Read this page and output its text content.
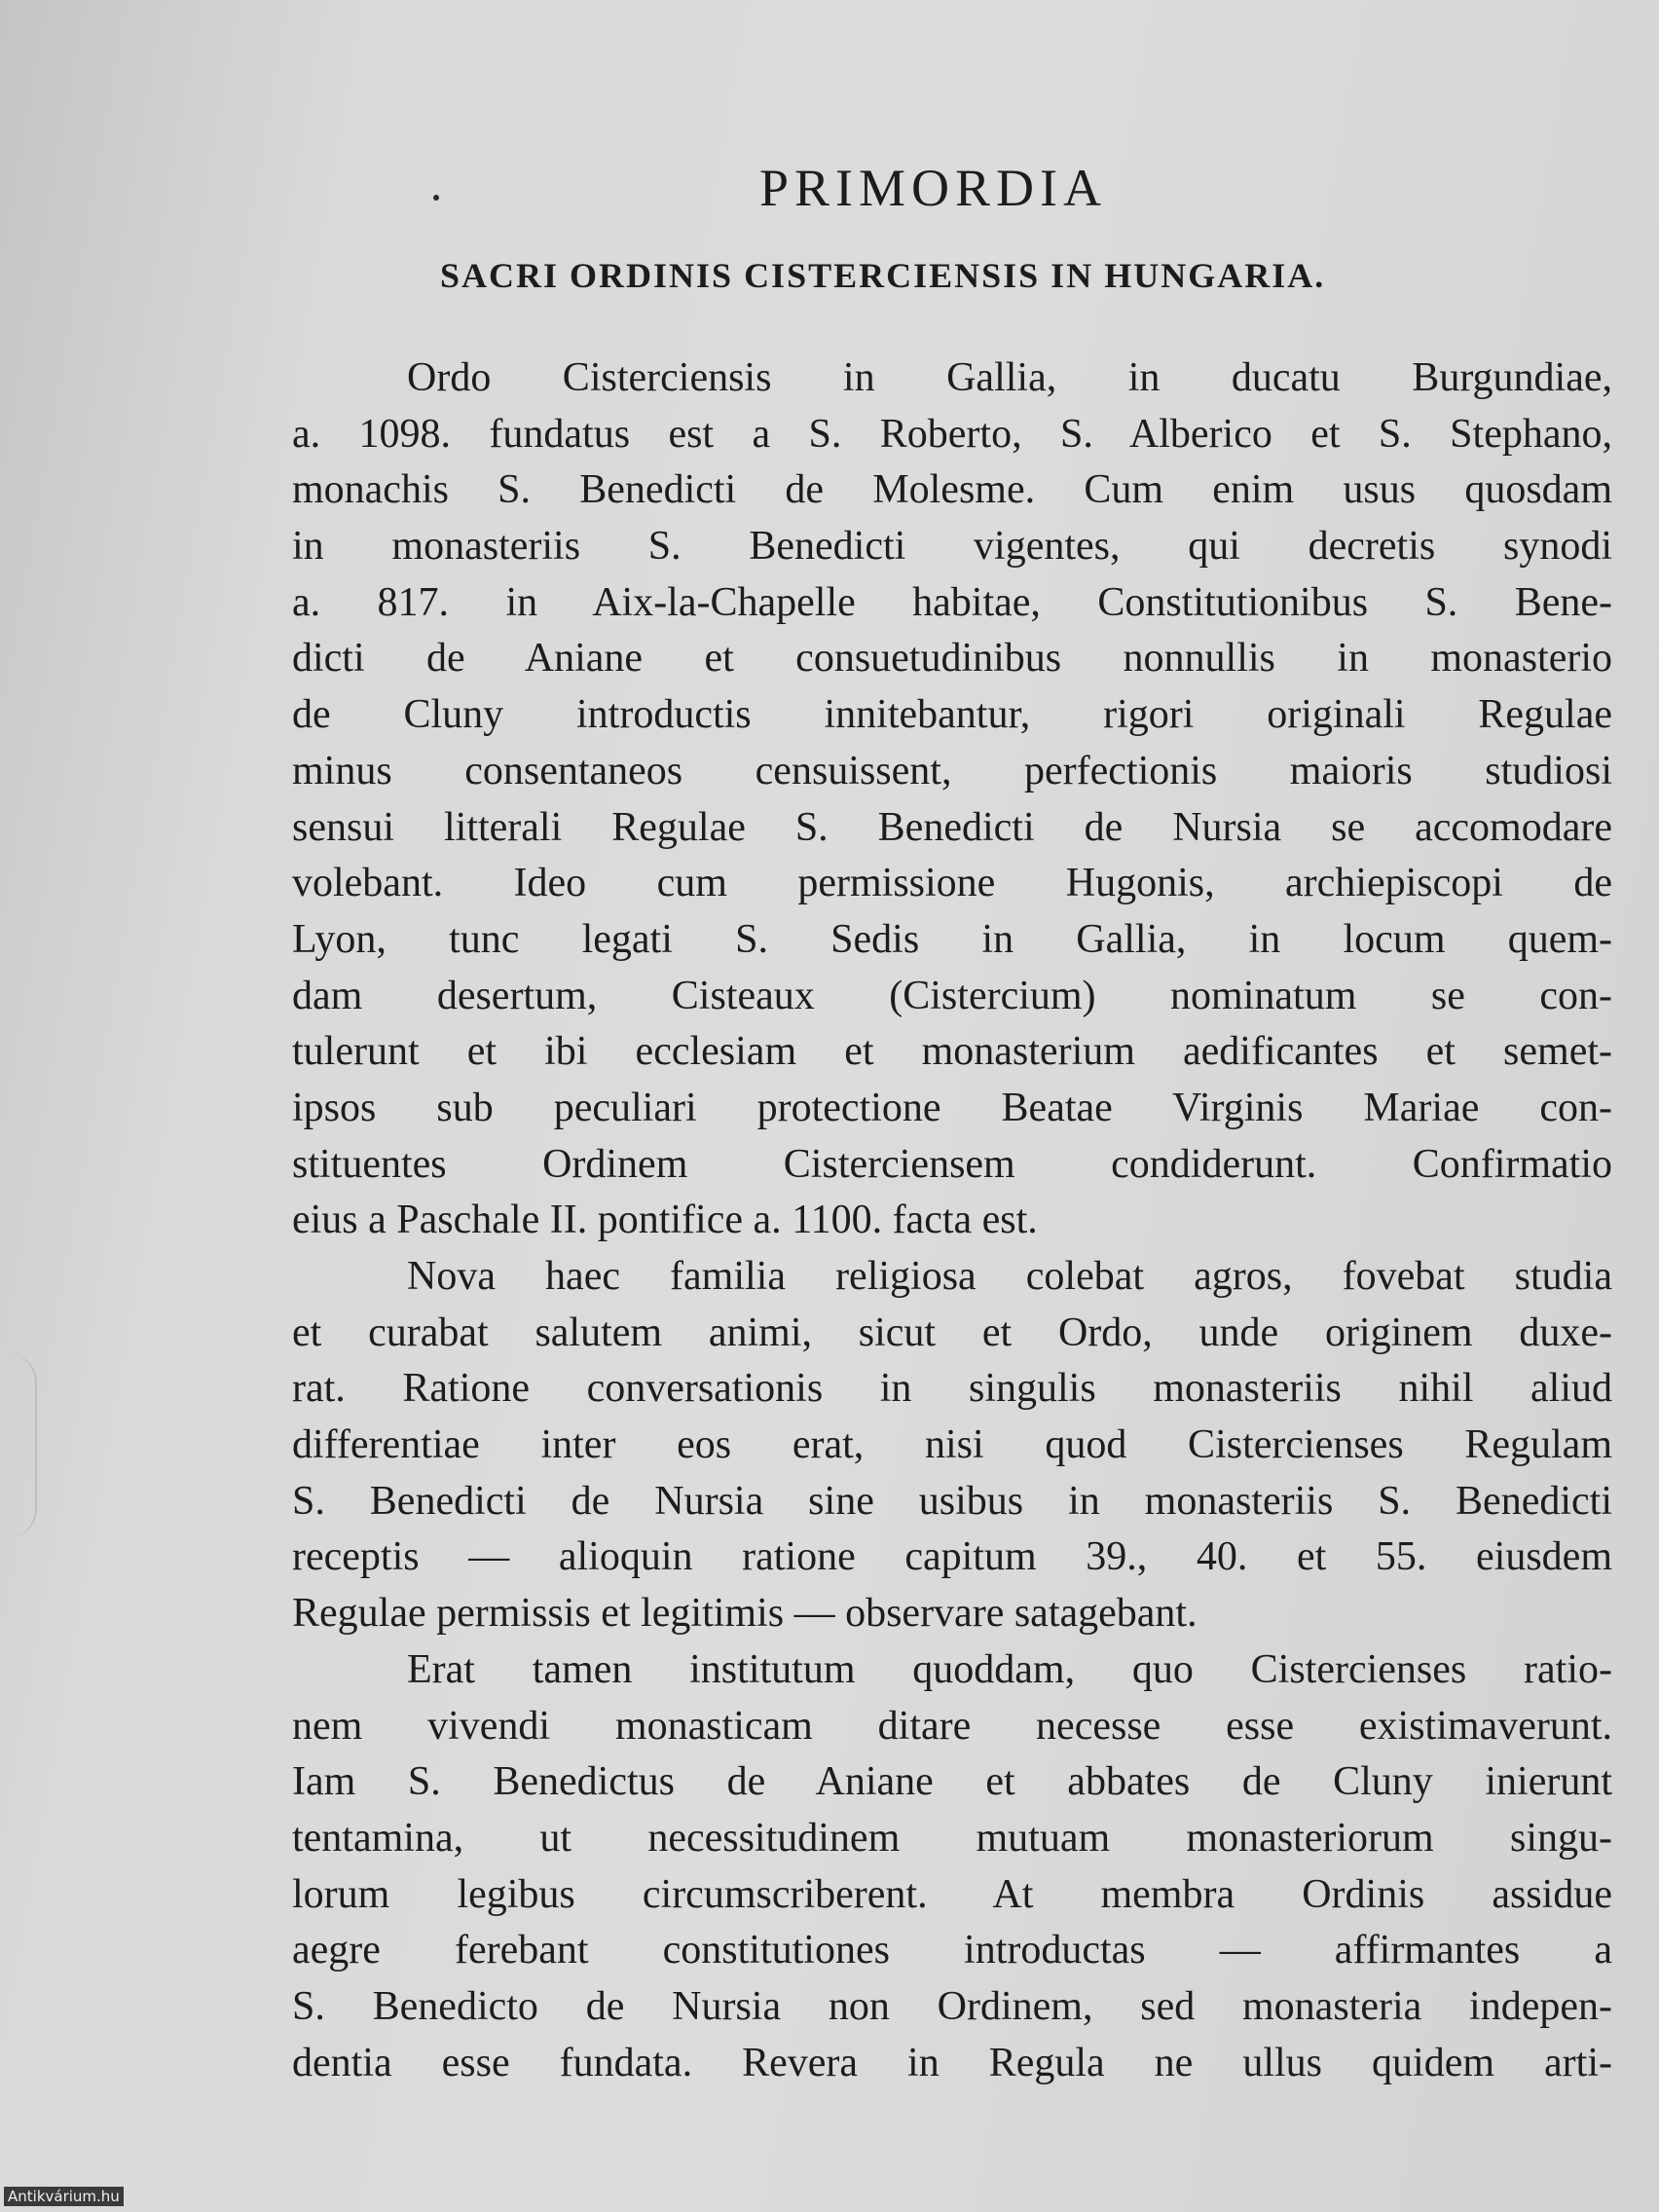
PRIMORDIA
SACRI ORDINIS CISTERCIENSIS IN HUNGARIA.
Ordo Cisterciensis in Gallia, in ducatu Burgundiae,
a. 1098. fundatus est a S. Roberto, S. Alberico et S. Stephano,
monachis S. Benedicti de Molesme. Cum enim usus quosdam
in monasteriis S. Benedicti vigentes, qui decretis synodi
a. 817. in Aix-la-Chapelle habitae, Constitutionibus S. Bene-
dicti de Aniane et consuetudinibus nonnullis in monasterio
de Cluny introductis innitebantur, rigori originali Regulae
minus consentaneos censuissent, perfectionis maioris studiosi
sensui litterali Regulae S. Benedicti de Nursia se accomodare
volebant. Ideo cum permissione Hugonis, archiepiscopi de
Lyon, tunc legati S. Sedis in Gallia, in locum quem-
dam desertum, Cisteaux (Cistercium) nominatum se con-
tulerunt et ibi ecclesiam et monasterium aedificantes et semet-
ipsos sub peculiari protectione Beatae Virginis Mariae con-
stituentes Ordinem Cisterciensem condiderunt. Confirmatio
eius a Paschale II. pontifice a. 1100. facta est.
Nova haec familia religiosa colebat agros, fovebat studia
et curabat salutem animi, sicut et Ordo, unde originem duxe-
rat. Ratione conversationis in singulis monasteriis nihil aliud
differentiae inter eos erat, nisi quod Cistercienses Regulam
S. Benedicti de Nursia sine usibus in monasteriis S. Benedicti
receptis — alioquin ratione capitum 39., 40. et 55. eiusdem
Regulae permissis et legitimis — observare satagebant.
Erat tamen institutum quoddam, quo Cistercienses ratio-
nem vivendi monasticam ditare necesse esse existimaverunt.
Iam S. Benedictus de Aniane et abbates de Cluny inierunt
tentamina, ut necessitudinem mutuam monasteriorum singu-
lorum legibus circumscriberent. At membra Ordinis assidue
aegre ferebant constitutiones introductas — affirmantes a
S. Benedicto de Nursia non Ordinem, sed monasteria indepen-
dentia esse fundata. Revera in Regula ne ullus quidem arti-
Antikvárium.hu
